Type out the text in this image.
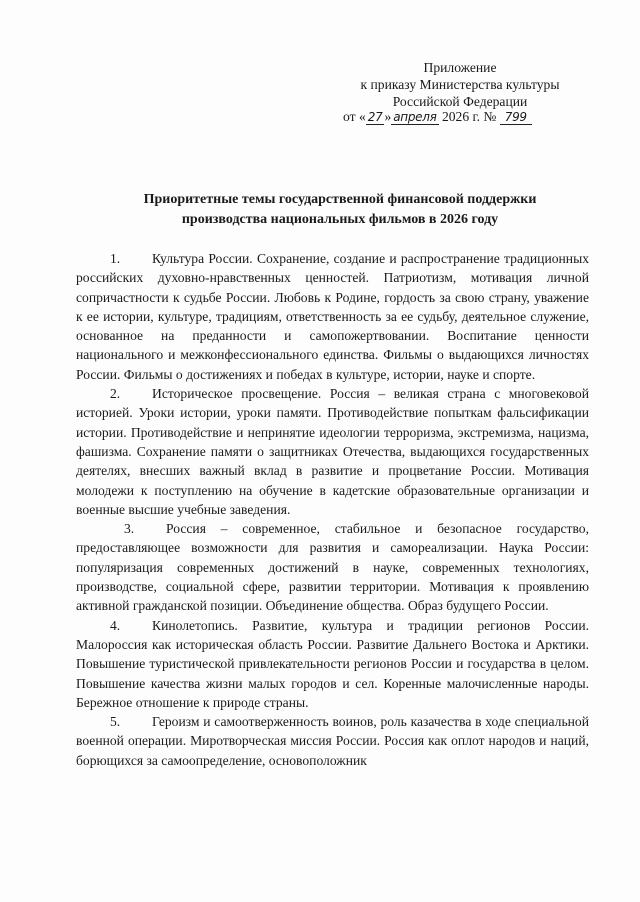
Приложение
к приказу Министерства культуры
Российской Федерации
от « 27 » апреля 2026 г. № 799
Приоритетные темы государственной финансовой поддержки
производства национальных фильмов в 2026 году

1. Культура России. Сохранение, создание и распространение традиционных российских духовно-нравственных ценностей. Патриотизм, мотивация личной сопричастности к судьбе России. Любовь к Родине, гордость за свою страну, уважение к ее истории, культуре, традициям, ответственность за ее судьбу, деятельное служение, основанное на преданности и самопожертвовании. Воспитание ценности национального и межконфессионального единства. Фильмы о выдающихся личностях России. Фильмы о достижениях и победах в культуре, истории, науке и спорте.

2. Историческое просвещение. Россия – великая страна с многовековой историей. Уроки истории, уроки памяти. Противодействие попыткам фальсификации истории. Противодействие и непринятие идеологии терроризма, экстремизма, нацизма, фашизма. Сохранение памяти о защитниках Отечества, выдающихся государственных деятелях, внесших важный вклад в развитие и процветание России. Мотивация молодежи к поступлению на обучение в кадетские образовательные организации и военные высшие учебные заведения.

3. Россия – современное, стабильное и безопасное государство, предоставляющее возможности для развития и самореализации. Наука России: популяризация современных достижений в науке, современных технологиях, производстве, социальной сфере, развитии территории. Мотивация к проявлению активной гражданской позиции. Объединение общества. Образ будущего России.

4. Кинолетопись. Развитие, культура и традиции регионов России. Малороссия как историческая область России. Развитие Дальнего Востока и Арктики. Повышение туристической привлекательности регионов России и государства в целом. Повышение качества жизни малых городов и сел. Коренные малочисленные народы. Бережное отношение к природе страны.

5. Героизм и самоотверженность воинов, роль казачества в ходе специальной военной операции. Миротворческая миссия России. Россия как оплот народов и наций, борющихся за самоопределение, основоположник
